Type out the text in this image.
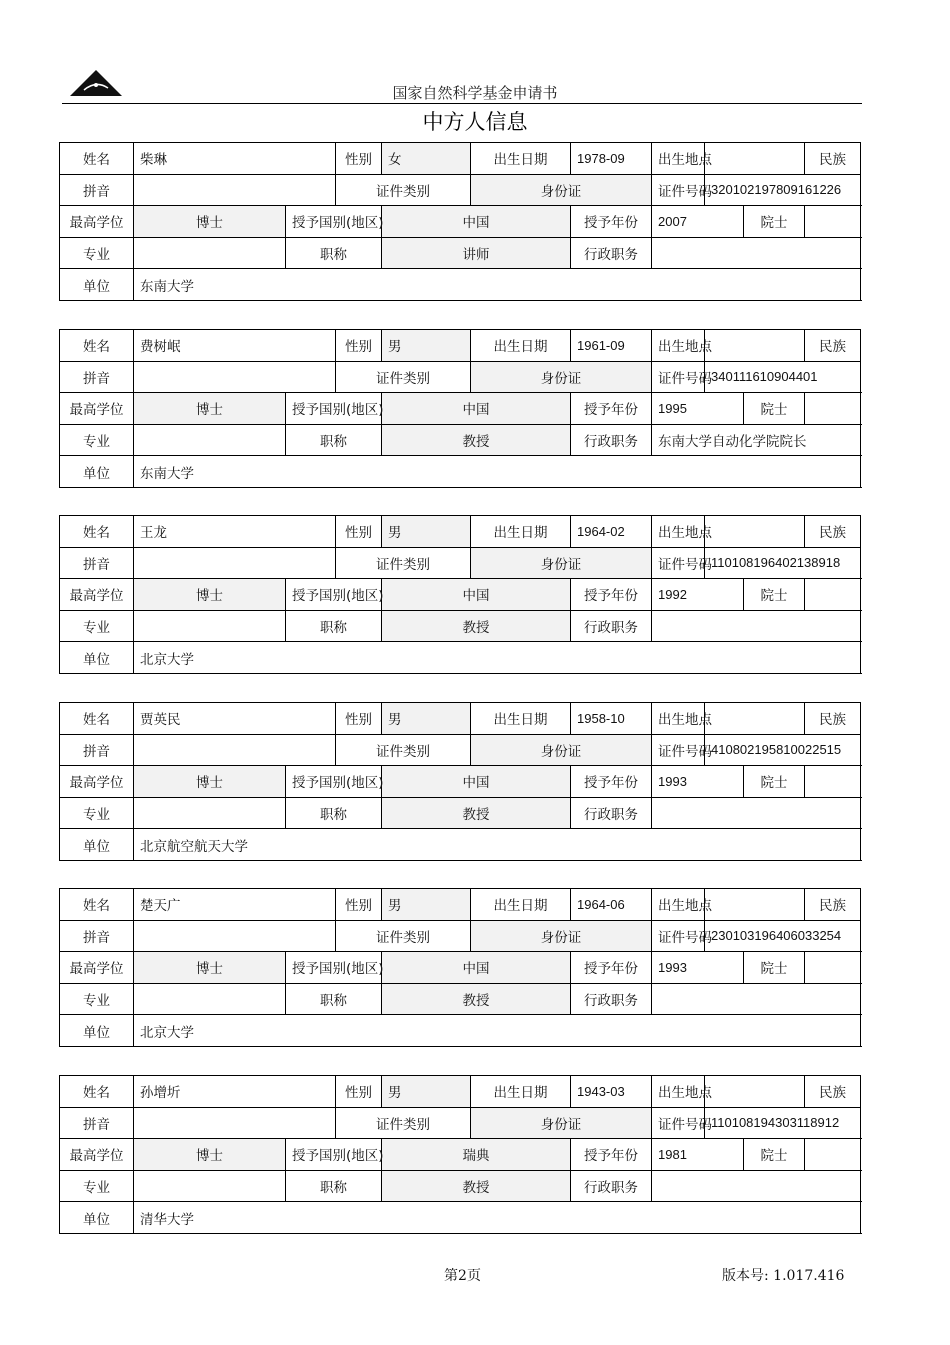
国家自然科学基金申请书
中方人信息
姓名	柴琳		性别	女	出生日期	1978-09	出生地点			民族	
拼音			证件类别		身份证		证件号码	320102197809161226			
最高学位	博士	授予国别(地区)		中国		授予年份	2007		院士		
专业		职称		讲师		行政职务					
单位	东南大学										
姓名	费树岷		性别	男	出生日期	1961-09	出生地点			民族	
拼音			证件类别		身份证		证件号码	340111610904401			
最高学位	博士	授予国别(地区)		中国		授予年份	1995		院士		
专业		职称		教授		行政职务	东南大学自动化学院院长				
单位	东南大学										
姓名	王龙		性别	男	出生日期	1964-02	出生地点			民族	
拼音			证件类别		身份证		证件号码	110108196402138918			
最高学位	博士	授予国别(地区)		中国		授予年份	1992		院士		
专业		职称		教授		行政职务					
单位	北京大学										
姓名	贾英民		性别	男	出生日期	1958-10	出生地点			民族	
拼音			证件类别		身份证		证件号码	410802195810022515			
最高学位	博士	授予国别(地区)		中国		授予年份	1993		院士		
专业		职称		教授		行政职务					
单位	北京航空航天大学										
姓名	楚天广		性别	男	出生日期	1964-06	出生地点			民族	
拼音			证件类别		身份证		证件号码	230103196406033254			
最高学位	博士	授予国别(地区)		中国		授予年份	1993		院士		
专业		职称		教授		行政职务					
单位	北京大学										
姓名	孙增圻		性别	男	出生日期	1943-03	出生地点			民族	
拼音			证件类别		身份证		证件号码	110108194303118912			
最高学位	博士	授予国别(地区)		瑞典		授予年份	1981		院士		
专业		职称		教授		行政职务					
单位	清华大学										
第2页	版本号: 1.017.416
